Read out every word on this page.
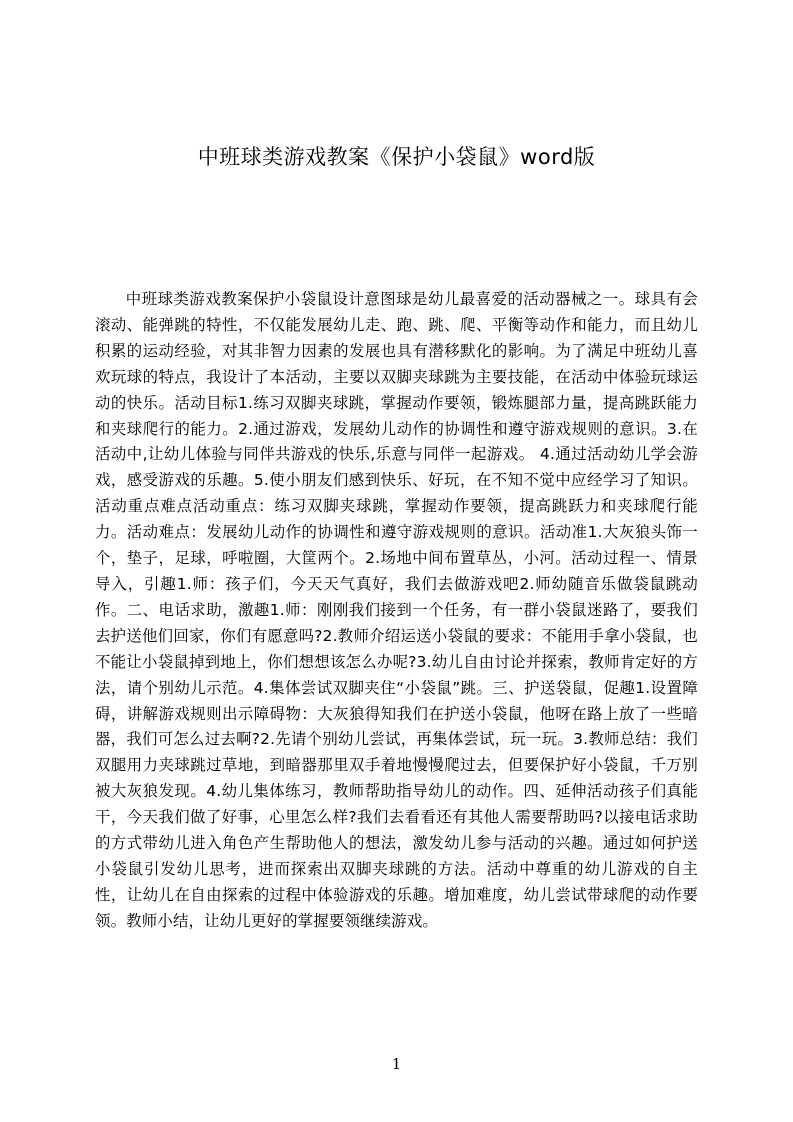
中班球类游戏教案《保护小袋鼠》word版

中班球类游戏教案保护小袋鼠设计意图球是幼儿最喜爱的活动器械之一。球具有会滚动、能弹跳的特性，不仅能发展幼儿走、跑、跳、爬、平衡等动作和能力，而且幼儿积累的运动经验，对其非智力因素的发展也具有潜移默化的影响。为了满足中班幼儿喜欢玩球的特点，我设计了本活动，主要以双脚夹球跳为主要技能，在活动中体验玩球运动的快乐。活动目标1.练习双脚夹球跳，掌握动作要领，锻炼腿部力量，提高跳跃能力和夹球爬行的能力。2.通过游戏，发展幼儿动作的协调性和遵守游戏规则的意识。3.在活动中,让幼儿体验与同伴共游戏的快乐,乐意与同伴一起游戏。 4.通过活动幼儿学会游戏，感受游戏的乐趣。5.使小朋友们感到快乐、好玩，在不知不觉中应经学习了知识。活动重点难点活动重点：练习双脚夹球跳，掌握动作要领，提高跳跃力和夹球爬行能力。活动难点：发展幼儿动作的协调性和遵守游戏规则的意识。活动准1.大灰狼头饰一个，垫子，足球，呼啦圈，大筐两个。2.场地中间布置草丛，小河。活动过程一、情景导入，引趣1.师：孩子们，今天天气真好，我们去做游戏吧2.师幼随音乐做袋鼠跳动作。二、电话求助，激趣1.师：刚刚我们接到一个任务，有一群小袋鼠迷路了，要我们去护送他们回家，你们有愿意吗?2.教师介绍运送小袋鼠的要求：不能用手拿小袋鼠，也不能让小袋鼠掉到地上，你们想想该怎么办呢?3.幼儿自由讨论并探索，教师肯定好的方法，请个别幼儿示范。4.集体尝试双脚夹住“小袋鼠”跳。三、护送袋鼠，促趣1.设置障碍，讲解游戏规则出示障碍物：大灰狼得知我们在护送小袋鼠，他呀在路上放了一些暗器，我们可怎么过去啊?2.先请个别幼儿尝试，再集体尝试，玩一玩。3.教师总结：我们双腿用力夹球跳过草地，到暗器那里双手着地慢慢爬过去，但要保护好小袋鼠，千万别被大灰狼发现。4.幼儿集体练习，教师帮助指导幼儿的动作。四、延伸活动孩子们真能干，今天我们做了好事，心里怎么样?我们去看看还有其他人需要帮助吗?以接电话求助的方式带幼儿进入角色产生帮助他人的想法，激发幼儿参与活动的兴趣。通过如何护送小袋鼠引发幼儿思考，进而探索出双脚夹球跳的方法。活动中尊重的幼儿游戏的自主性，让幼儿在自由探索的过程中体验游戏的乐趣。增加难度，幼儿尝试带球爬的动作要领。教师小结，让幼儿更好的掌握要领继续游戏。

1
